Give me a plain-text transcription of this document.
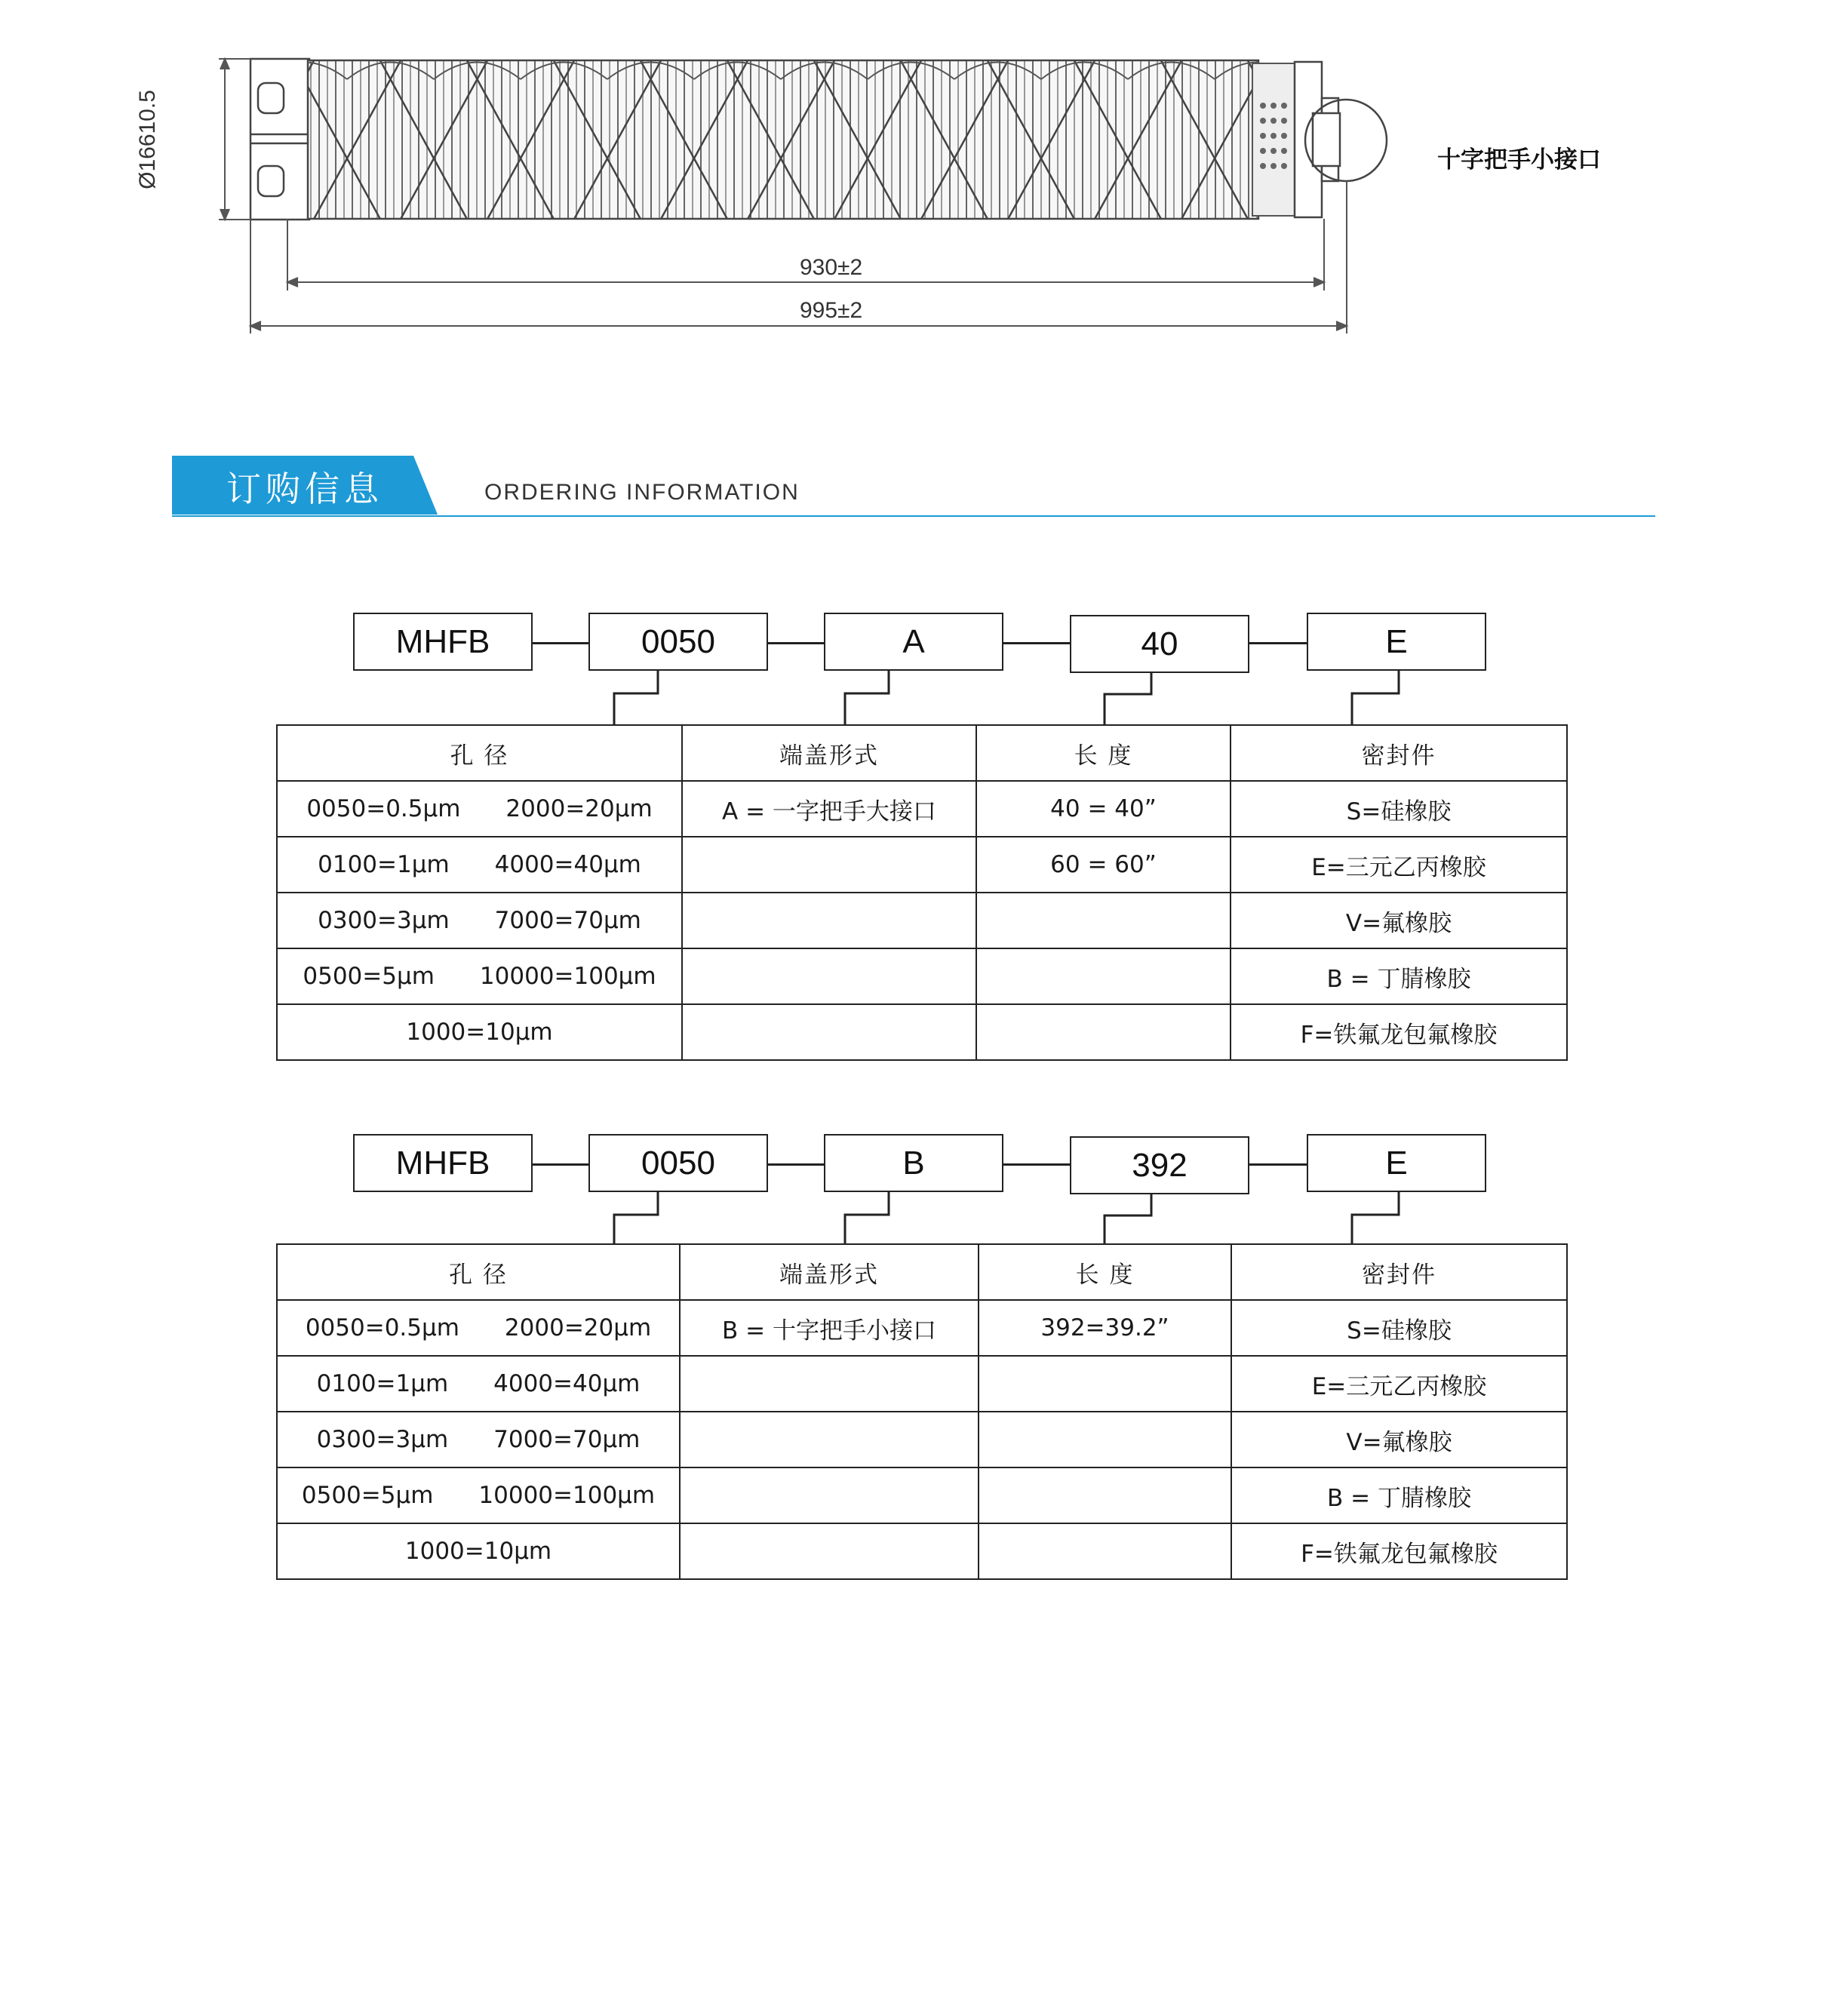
Ø16610.5
930±2
995±2
十字把手小接口
订购信息	ORDERING INFORMATION
MHFB	0050	A	40	E
孔 径	端盖形式	长 度	密封件
0050=0.5μm 2000=20μm	A = 一字把手大接口	40 = 40”	S=硅橡胶
0100=1μm 4000=40μm		60 = 60”	E=三元乙丙橡胶
0300=3μm 7000=70μm			V=氟橡胶
0500=5μm 10000=100μm			B = 丁腈橡胶
1000=10μm			F=铁氟龙包氟橡胶
MHFB	0050	B	392	E
孔 径	端盖形式	长 度	密封件
0050=0.5μm 2000=20μm	B = 十字把手小接口	392=39.2”	S=硅橡胶
0100=1μm 4000=40μm			E=三元乙丙橡胶
0300=3μm 7000=70μm			V=氟橡胶
0500=5μm 10000=100μm			B = 丁腈橡胶
1000=10μm			F=铁氟龙包氟橡胶
